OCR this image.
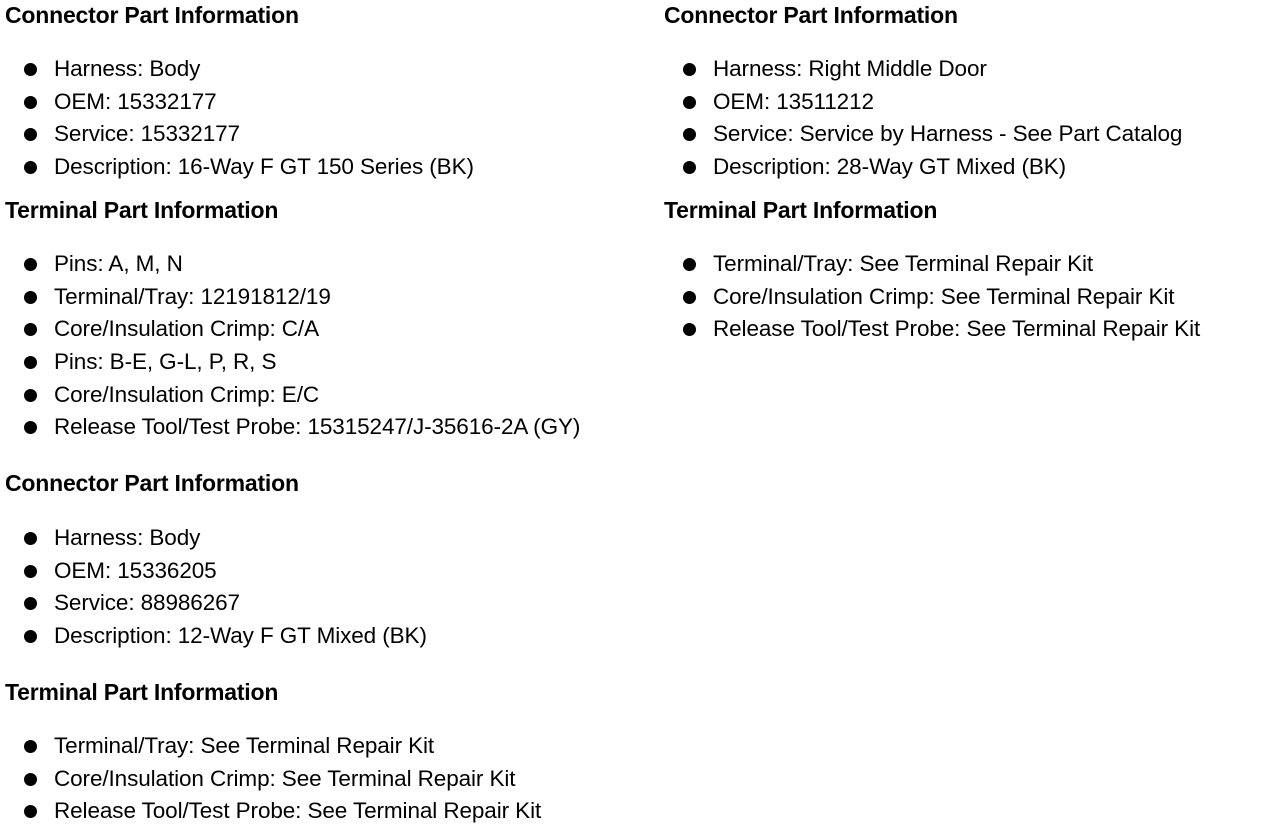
Connector Part Information
Harness: Body
OEM: 15332177
Service: 15332177
Description: 16-Way F GT 150 Series (BK)
Terminal Part Information
Pins: A, M, N
Terminal/Tray: 12191812/19
Core/Insulation Crimp: C/A
Pins: B-E, G-L, P, R, S
Core/Insulation Crimp: E/C
Release Tool/Test Probe: 15315247/J-35616-2A (GY)
Connector Part Information
Harness: Body
OEM: 15336205
Service: 88986267
Description: 12-Way F GT Mixed (BK)
Terminal Part Information
Terminal/Tray: See Terminal Repair Kit
Core/Insulation Crimp: See Terminal Repair Kit
Release Tool/Test Probe: See Terminal Repair Kit
Connector Part Information
Harness: Right Middle Door
OEM: 13511212
Service: Service by Harness - See Part Catalog
Description: 28-Way GT Mixed (BK)
Terminal Part Information
Terminal/Tray: See Terminal Repair Kit
Core/Insulation Crimp: See Terminal Repair Kit
Release Tool/Test Probe: See Terminal Repair Kit
